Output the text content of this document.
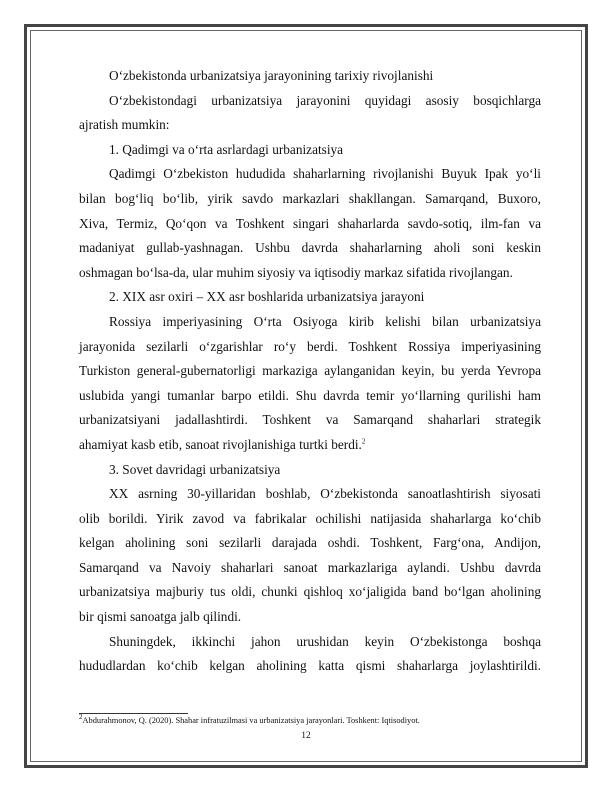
O‘zbekistonda urbanizatsiya jarayonining tarixiy rivojlanishi
O‘zbekistondagi urbanizatsiya jarayonini quyidagi asosiy bosqichlarga
ajratish mumkin:
1. Qadimgi va o‘rta asrlardagi urbanizatsiya
Qadimgi O‘zbekiston hududida shaharlarning rivojlanishi Buyuk Ipak yo‘li
bilan bog‘liq bo‘lib, yirik savdo markazlari shakllangan. Samarqand, Buxoro,
Xiva, Termiz, Qo‘qon va Toshkent singari shaharlarda savdo-sotiq, ilm-fan va
madaniyat gullab-yashnagan. Ushbu davrda shaharlarning aholi soni keskin
oshmagan bo‘lsa-da, ular muhim siyosiy va iqtisodiy markaz sifatida rivojlangan.
2. XIX asr oxiri – XX asr boshlarida urbanizatsiya jarayoni
Rossiya imperiyasining O‘rta Osiyoga kirib kelishi bilan urbanizatsiya
jarayonida sezilarli o‘zgarishlar ro‘y berdi. Toshkent Rossiya imperiyasining
Turkiston general-gubernatorligi markaziga aylanganidan keyin, bu yerda Yevropa
uslubida yangi tumanlar barpo etildi. Shu davrda temir yo‘llarning qurilishi ham
urbanizatsiyani jadallashtirdi. Toshkent va Samarqand shaharlari strategik
ahamiyat kasb etib, sanoat rivojlanishiga turtki berdi.$^2$
3. Sovet davridagi urbanizatsiya
XX asrning 30-yillaridan boshlab, O‘zbekistonda sanoatlashtirish siyosati
olib borildi. Yirik zavod va fabrikalar ochilishi natijasida shaharlarga ko‘chib
kelgan aholining soni sezilarli darajada oshdi. Toshkent, Farg‘ona, Andijon,
Samarqand va Navoiy shaharlari sanoat markazlariga aylandi. Ushbu davrda
urbanizatsiya majburiy tus oldi, chunki qishloq xo‘jaligida band bo‘lgan aholining
bir qismi sanoatga jalb qilindi.
Shuningdek, ikkinchi jahon urushidan keyin O‘zbekistonga boshqa
hududlardan ko‘chib kelgan aholining katta qismi shaharlarga joylashtirildi.
$^2$Abdurahmonov, Q. (2020). Shahar infratuzilmasi va urbanizatsiya jarayonlari. Toshkent: Iqtisodiyot.
12
